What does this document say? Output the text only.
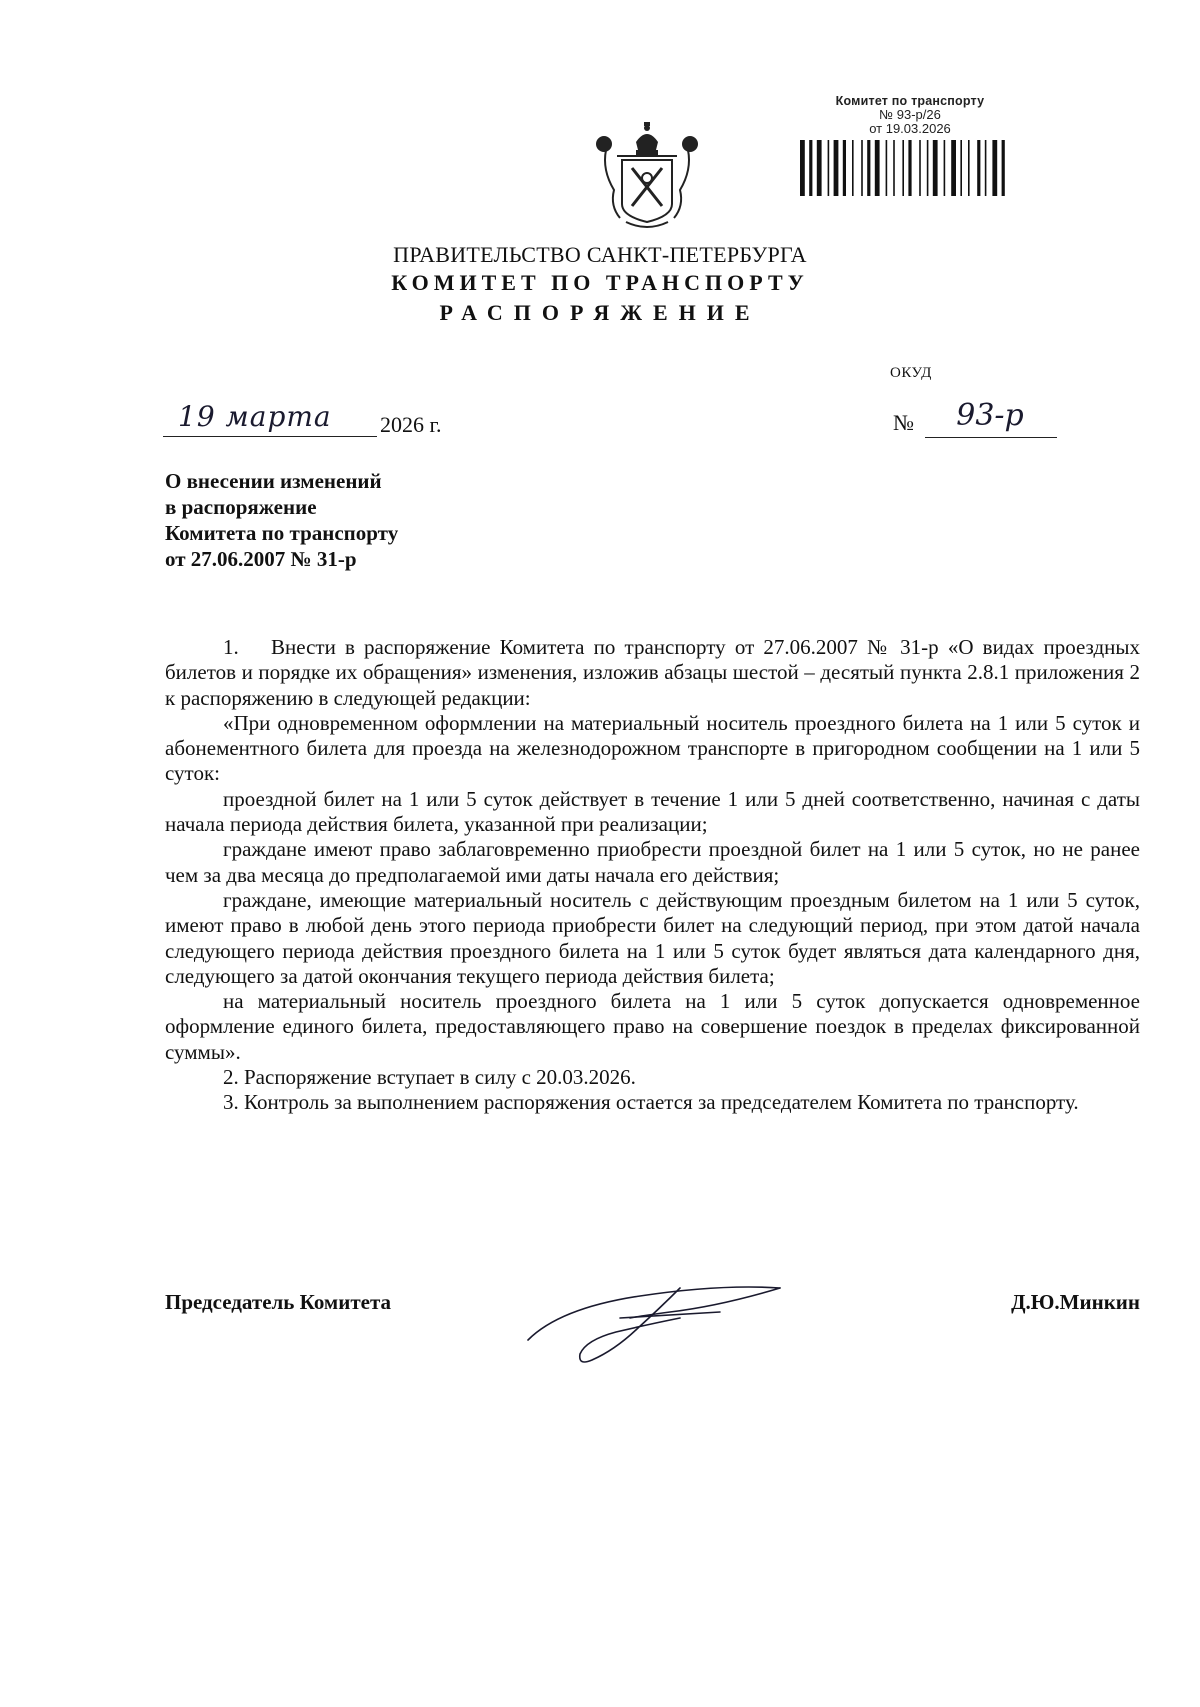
Комитет по транспорту
№ 93-р/26
от 19.03.2026
ПРАВИТЕЛЬСТВО САНКТ-ПЕТЕРБУРГА
КОМИТЕТ ПО ТРАНСПОРТУ
РАСПОРЯЖЕНИЕ
ОКУД
19 марта	2026 г.	№	93-р
О внесении изменений
в распоряжение
Комитета по транспорту
от 27.06.2007 № 31-р

1. Внести в распоряжение Комитета по транспорту от 27.06.2007 № 31-р «О видах проездных билетов и порядке их обращения» изменения, изложив абзацы шестой – десятый пункта 2.8.1 приложения 2 к распоряжению в следующей редакции:

«При одновременном оформлении на материальный носитель проездного билета на 1 или 5 суток и абонементного билета для проезда на железнодорожном транспорте в пригородном сообщении на 1 или 5 суток:

проездной билет на 1 или 5 суток действует в течение 1 или 5 дней соответственно, начиная с даты начала периода действия билета, указанной при реализации;

граждане имеют право заблаговременно приобрести проездной билет на 1 или 5 суток, но не ранее чем за два месяца до предполагаемой ими даты начала его действия;

граждане, имеющие материальный носитель с действующим проездным билетом на 1 или 5 суток, имеют право в любой день этого периода приобрести билет на следующий период, при этом датой начала следующего периода действия проездного билета на 1 или 5 суток будет являться дата календарного дня, следующего за датой окончания текущего периода действия билета;

на материальный носитель проездного билета на 1 или 5 суток допускается одновременное оформление единого билета, предоставляющего право на совершение поездок в пределах фиксированной суммы».

2. Распоряжение вступает в силу с 20.03.2026.

3. Контроль за выполнением распоряжения остается за председателем Комитета по транспорту.

Председатель Комитета	Д.Ю.Минкин
